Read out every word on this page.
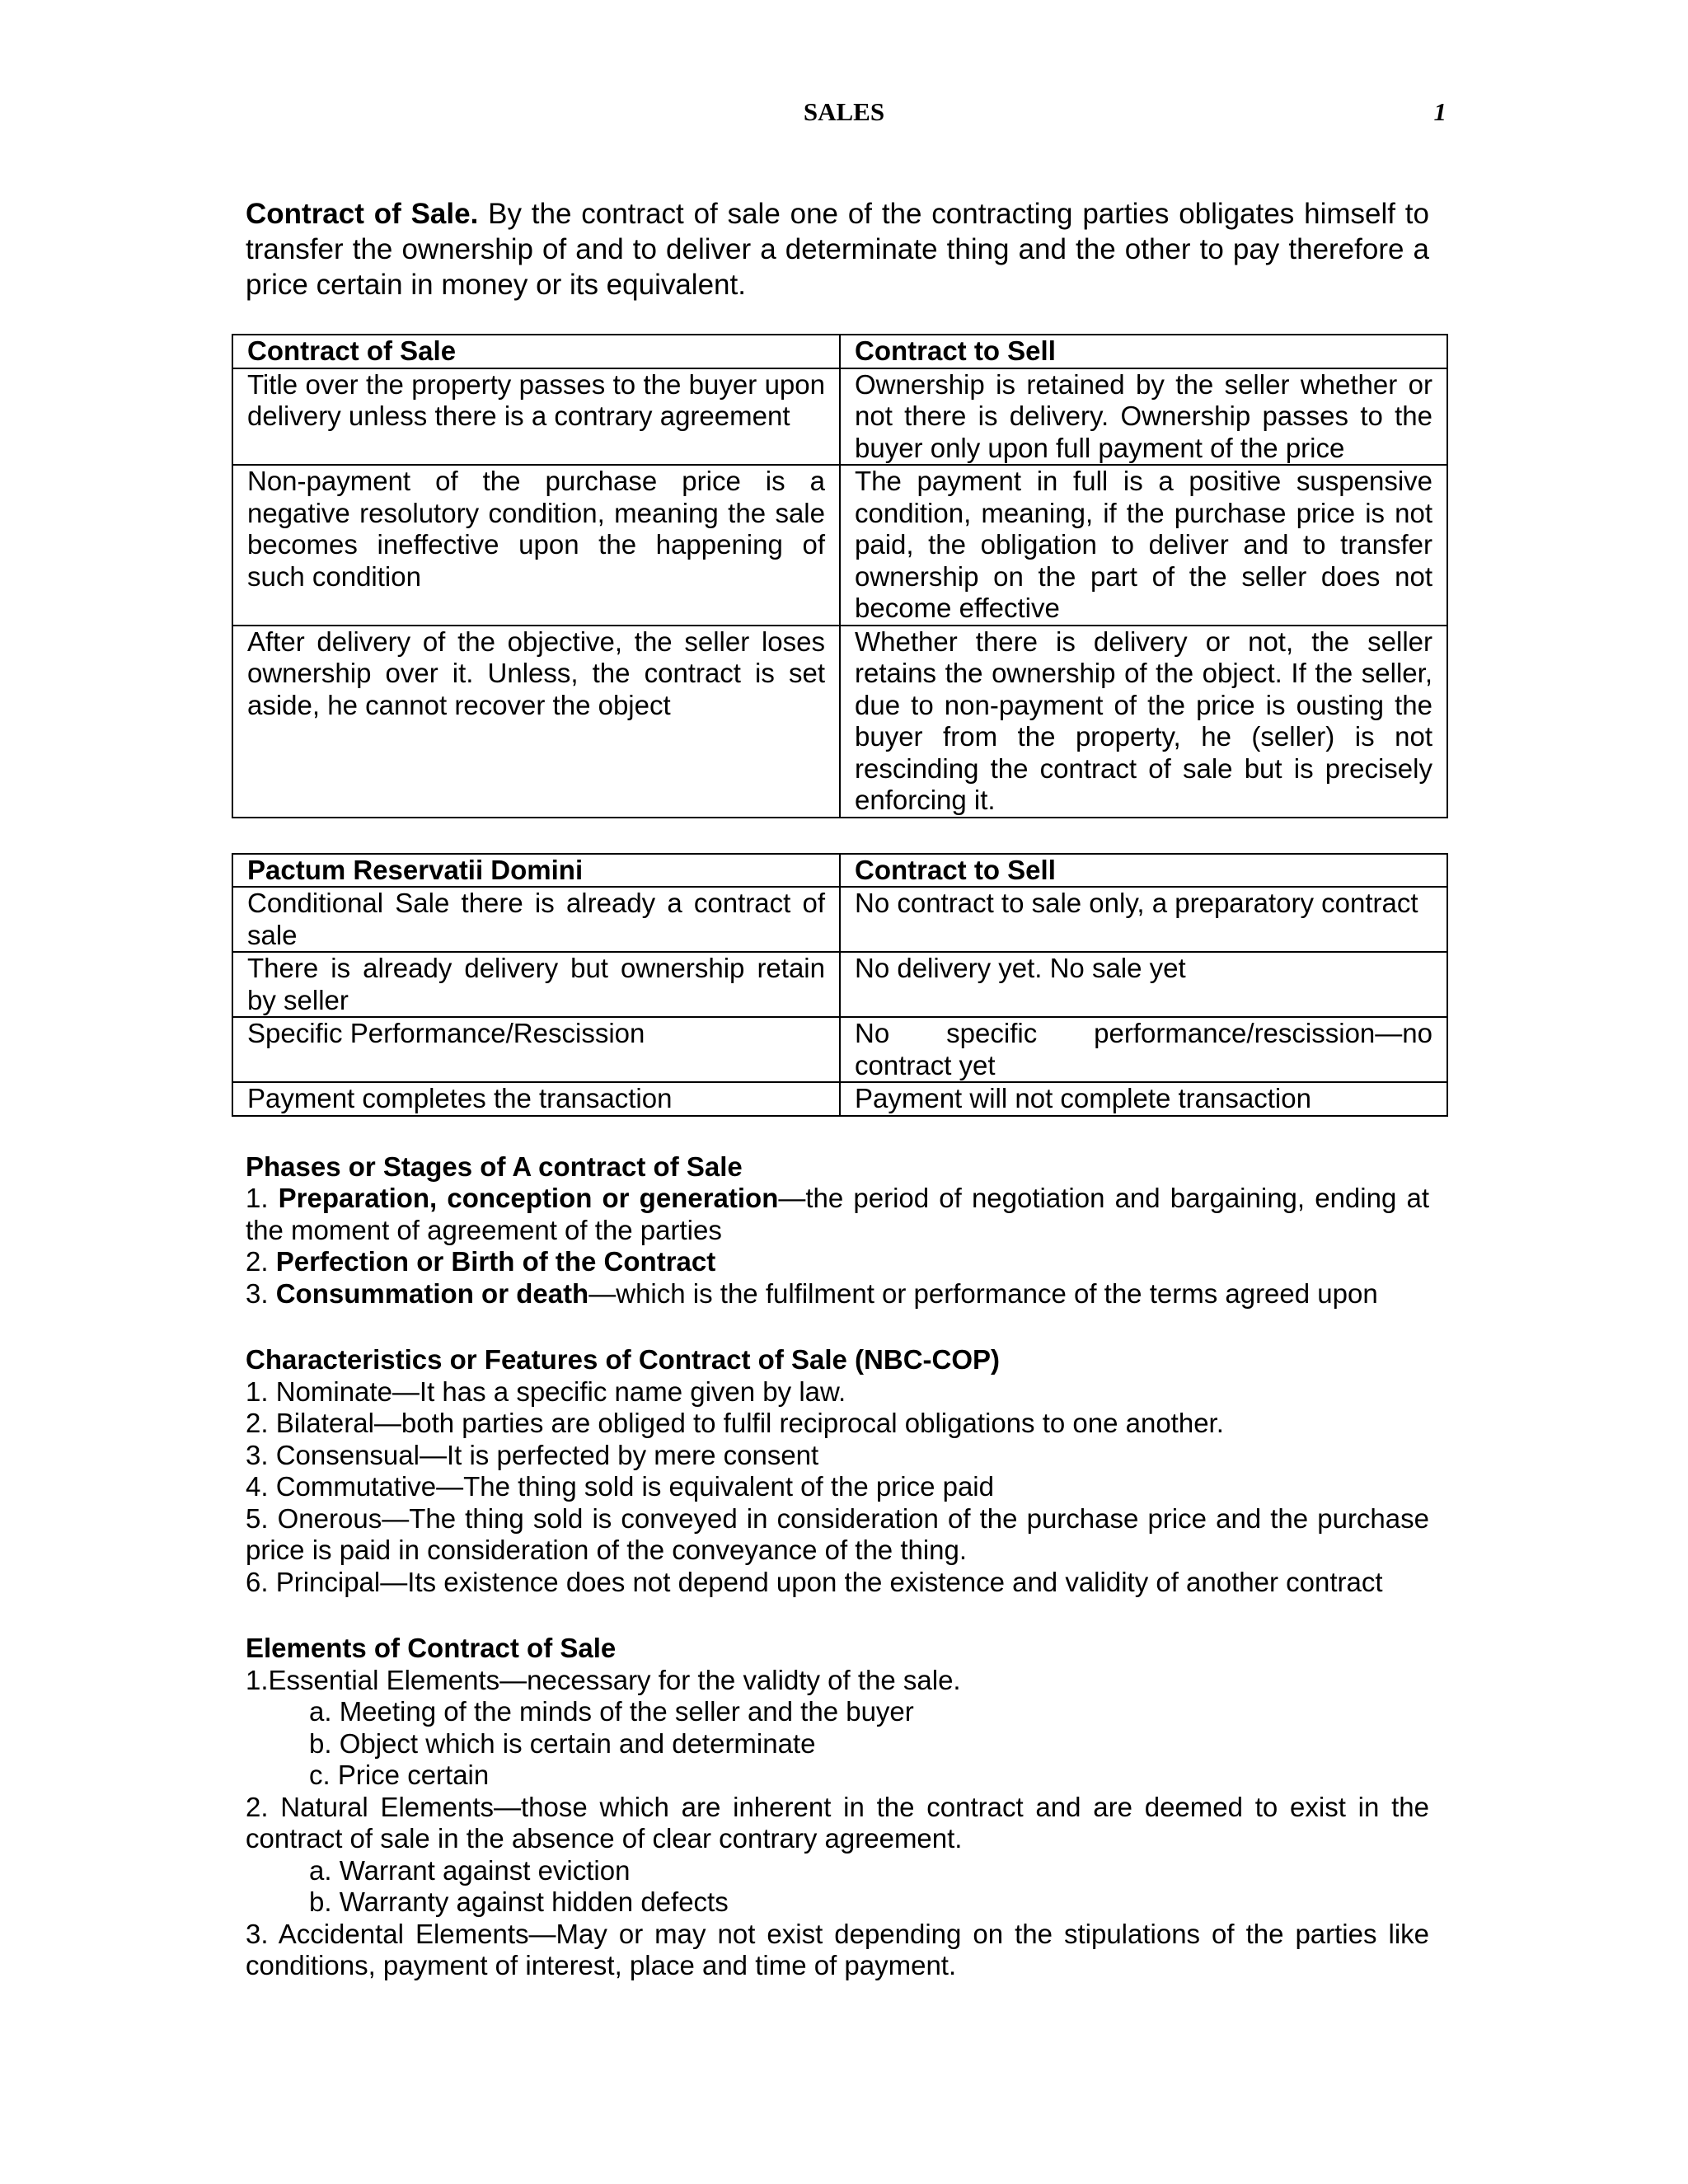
SALES	1

Contract of Sale. By the contract of sale one of the contracting parties obligates himself to transfer the ownership of and to deliver a determinate thing and the other to pay therefore a price certain in money or its equivalent.

Contract of Sale	Contract to Sell
Title over the property passes to the buyer upon delivery unless there is a contrary agreement	Ownership is retained by the seller whether or not there is delivery. Ownership passes to the buyer only upon full payment of the price
Non-payment of the purchase price is a negative resolutory condition, meaning the sale becomes ineffective upon the happening of such condition	The payment in full is a positive suspensive condition, meaning, if the purchase price is not paid, the obligation to deliver and to transfer ownership on the part of the seller does not become effective
After delivery of the objective, the seller loses ownership over it. Unless, the contract is set aside, he cannot recover the object	Whether there is delivery or not, the seller retains the ownership of the object. If the seller, due to non-payment of the price is ousting the buyer from the property, he (seller) is not rescinding the contract of sale but is precisely enforcing it.
Pactum Reservatii Domini	Contract to Sell
Conditional Sale there is already a contract of sale	No contract to sale only, a preparatory contract
There is already delivery but ownership retain by seller	No delivery yet. No sale yet
Specific Performance/Rescission	No specific performance/rescission—no contract yet
Payment completes the transaction	Payment will not complete transaction
Phases or Stages of A contract of Sale
1. Preparation, conception or generation—the period of negotiation and bargaining, ending at the moment of agreement of the parties
2. Perfection or Birth of the Contract
3. Consummation or death—which is the fulfilment or performance of the terms agreed upon
Characteristics or Features of Contract of Sale (NBC-COP)
1. Nominate—It has a specific name given by law.
2. Bilateral—both parties are obliged to fulfil reciprocal obligations to one another.
3. Consensual—It is perfected by mere consent
4. Commutative—The thing sold is equivalent of the price paid
5. Onerous—The thing sold is conveyed in consideration of the purchase price and the purchase price is paid in consideration of the conveyance of the thing.
6. Principal—Its existence does not depend upon the existence and validity of another contract
Elements of Contract of Sale
1.Essential Elements—necessary for the validty of the sale.
a. Meeting of the minds of the seller and the buyer
b. Object which is certain and determinate
c. Price certain
2. Natural Elements—those which are inherent in the contract and are deemed to exist in the contract of sale in the absence of clear contrary agreement.
a. Warrant against eviction
b. Warranty against hidden defects
3. Accidental Elements—May or may not exist depending on the stipulations of the parties like conditions, payment of interest, place and time of payment.
